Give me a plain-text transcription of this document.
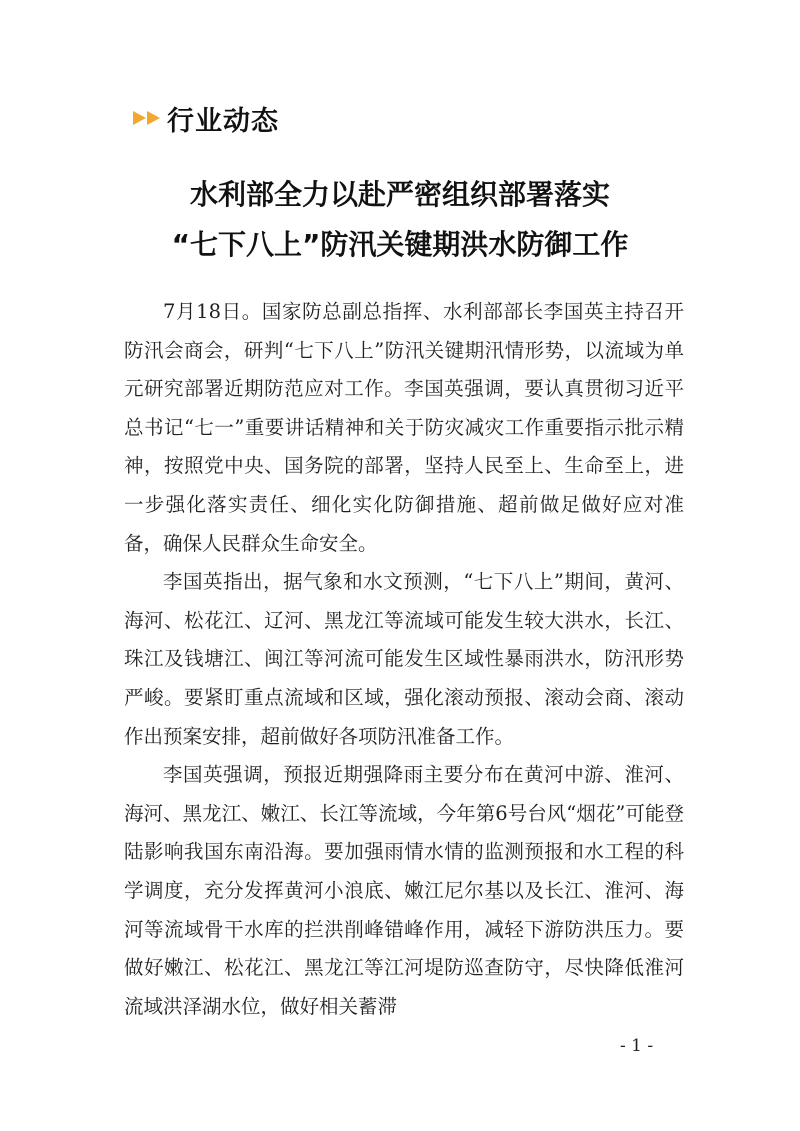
行业动态
水利部全力以赴严密组织部署落实
“七下八上”防汛关键期洪水防御工作

7月18日。国家防总副总指挥、水利部部长李国英主持召开防汛会商会，研判“七下八上”防汛关键期汛情形势，以流域为单元研究部署近期防范应对工作。李国英强调，要认真贯彻习近平总书记“七一”重要讲话精神和关于防灾减灾工作重要指示批示精神，按照党中央、国务院的部署，坚持人民至上、生命至上，进一步强化落实责任、细化实化防御措施、超前做足做好应对准备，确保人民群众生命安全。

李国英指出，据气象和水文预测，“七下八上”期间，黄河、海河、松花江、辽河、黑龙江等流域可能发生较大洪水，长江、珠江及钱塘江、闽江等河流可能发生区域性暴雨洪水，防汛形势严峻。要紧盯重点流域和区域，强化滚动预报、滚动会商、滚动作出预案安排，超前做好各项防汛准备工作。

李国英强调，预报近期强降雨主要分布在黄河中游、淮河、海河、黑龙江、嫩江、长江等流域，今年第6号台风“烟花”可能登陆影响我国东南沿海。要加强雨情水情的监测预报和水工程的科学调度，充分发挥黄河小浪底、嫩江尼尔基以及长江、淮河、海河等流域骨干水库的拦洪削峰错峰作用，减轻下游防洪压力。要做好嫩江、松花江、黑龙江等江河堤防巡查防守，尽快降低淮河流域洪泽湖水位，做好相关蓄滞

- 1 -
